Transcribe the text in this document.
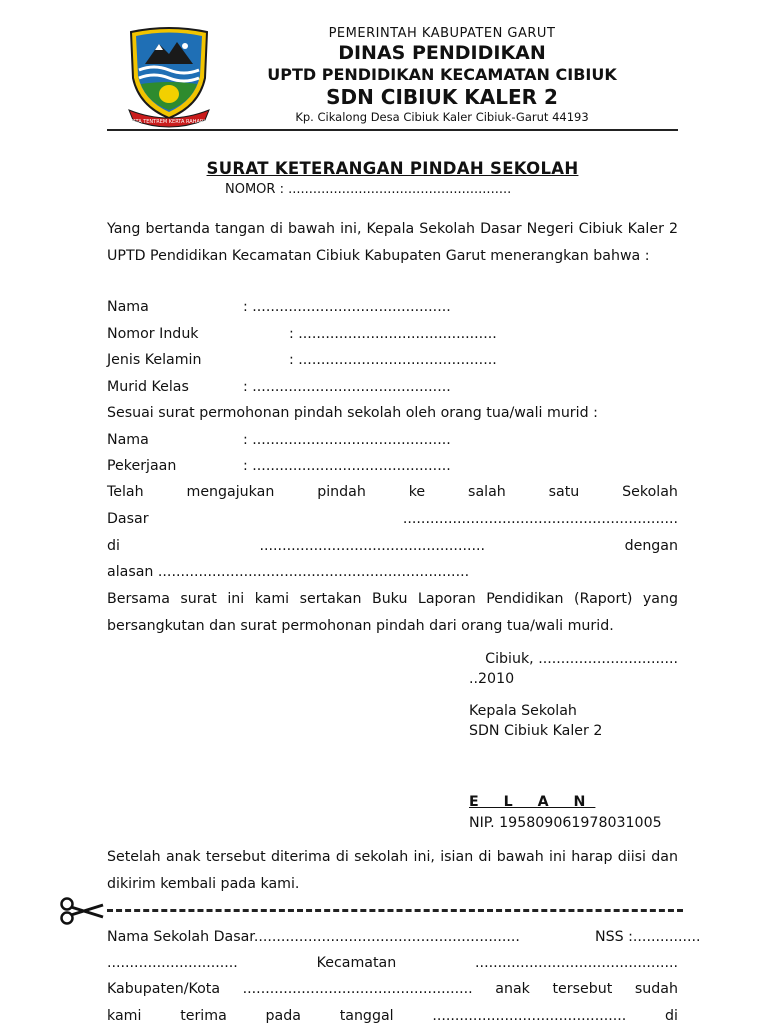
TATA TENTREM KERTA RAHARJA
PEMERINTAH KABUPATEN GARUT
DINAS PENDIDIKAN
UPTD PENDIDIKAN KECAMATAN CIBIUK
SDN CIBIUK KALER 2
Kp. Cikalong Desa Cibiuk Kaler Cibiuk-Garut 44193
SURAT KETERANGAN PINDAH SEKOLAH
NOMOR : ......................................................
Yang bertanda tangan di bawah ini, Kepala Sekolah Dasar Negeri Cibiuk Kaler 2 UPTD Pendidikan Kecamatan Cibiuk Kabupaten Garut menerangkan bahwa :
Nama	: ............................................
Nomor Induk	: ............................................
Jenis Kelamin	: ............................................
Murid Kelas	: ............................................
Sesuai surat permohonan pindah sekolah oleh orang tua/wali murid :
Nama	: ............................................
Pekerjaan	: ............................................
Telah	mengajukan	pindah	ke	salah	satu	Sekolah
Dasar	.............................................................
di	..................................................	dengan
alasan .....................................................................
Bersama surat ini kami sertakan Buku Laporan Pendidikan (Raport) yang bersangkutan dan surat permohonan pindah dari orang tua/wali murid.
Cibiuk, ...............................
..2010
Kepala Sekolah
SDN Cibiuk Kaler 2
E L A N
NIP. 195809061978031005
Setelah anak tersebut diterima di sekolah ini, isian di bawah ini harap diisi dan dikirim kembali pada kami.
Nama Sekolah Dasar...........................................................	NSS :...............
.............................	Kecamatan	.............................................
Kabupaten/Kota ................................................... anak tersebut sudah
kami	terima	pada	tanggal	...........................................	di
